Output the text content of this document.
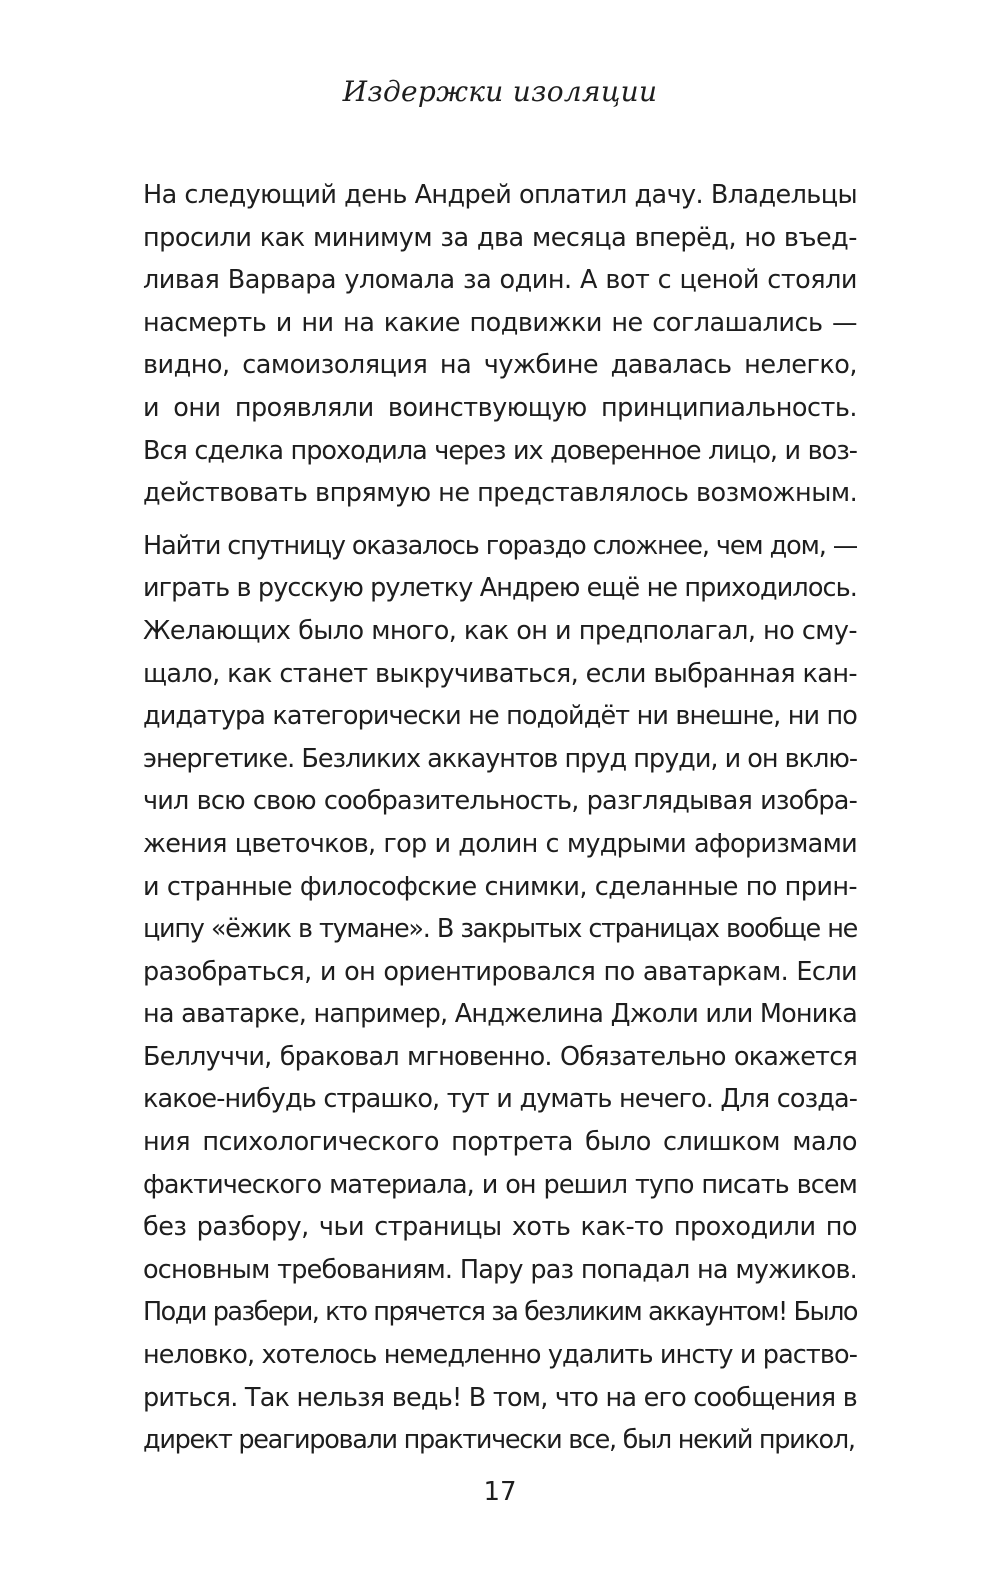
Издержки изоляции

На следующий день Андрей оплатил дачу. Владельцы
просили как минимум за два месяца вперёд, но въед-
ливая Варвара уломала за один. А вот с ценой стояли
насмерть и ни на какие подвижки не соглашались —
видно, самоизоляция на чужбине давалась нелегко,
и они проявляли воинствующую принципиальность.
Вся сделка проходила через их доверенное лицо, и воз-
действовать впрямую не представлялось возможным.

Найти спутницу оказалось гораздо сложнее, чем дом, —
играть в русскую рулетку Андрею ещё не приходилось.
Желающих было много, как он и предполагал, но сму-
щало, как станет выкручиваться, если выбранная кан-
дидатура категорически не подойдёт ни внешне, ни по
энергетике. Безликих аккаунтов пруд пруди, и он вклю-
чил всю свою сообразительность, разглядывая изобра-
жения цветочков, гор и долин с мудрыми афоризмами
и странные философские снимки, сделанные по прин-
ципу «ёжик в тумане». В закрытых страницах вообще не
разобраться, и он ориентировался по аватаркам. Если
на аватарке, например, Анджелина Джоли или Моника
Беллуччи, браковал мгновенно. Обязательно окажется
какое-нибудь страшко, тут и думать нечего. Для созда-
ния психологического портрета было слишком мало
фактического материала, и он решил тупо писать всем
без разбору, чьи страницы хоть как-то проходили по
основным требованиям. Пару раз попадал на мужиков.
Поди разбери, кто прячется за безликим аккаунтом! Было
неловко, хотелось немедленно удалить инсту и раство-
риться. Так нельзя ведь! В том, что на его сообщения в
директ реагировали практически все, был некий прикол,

17
